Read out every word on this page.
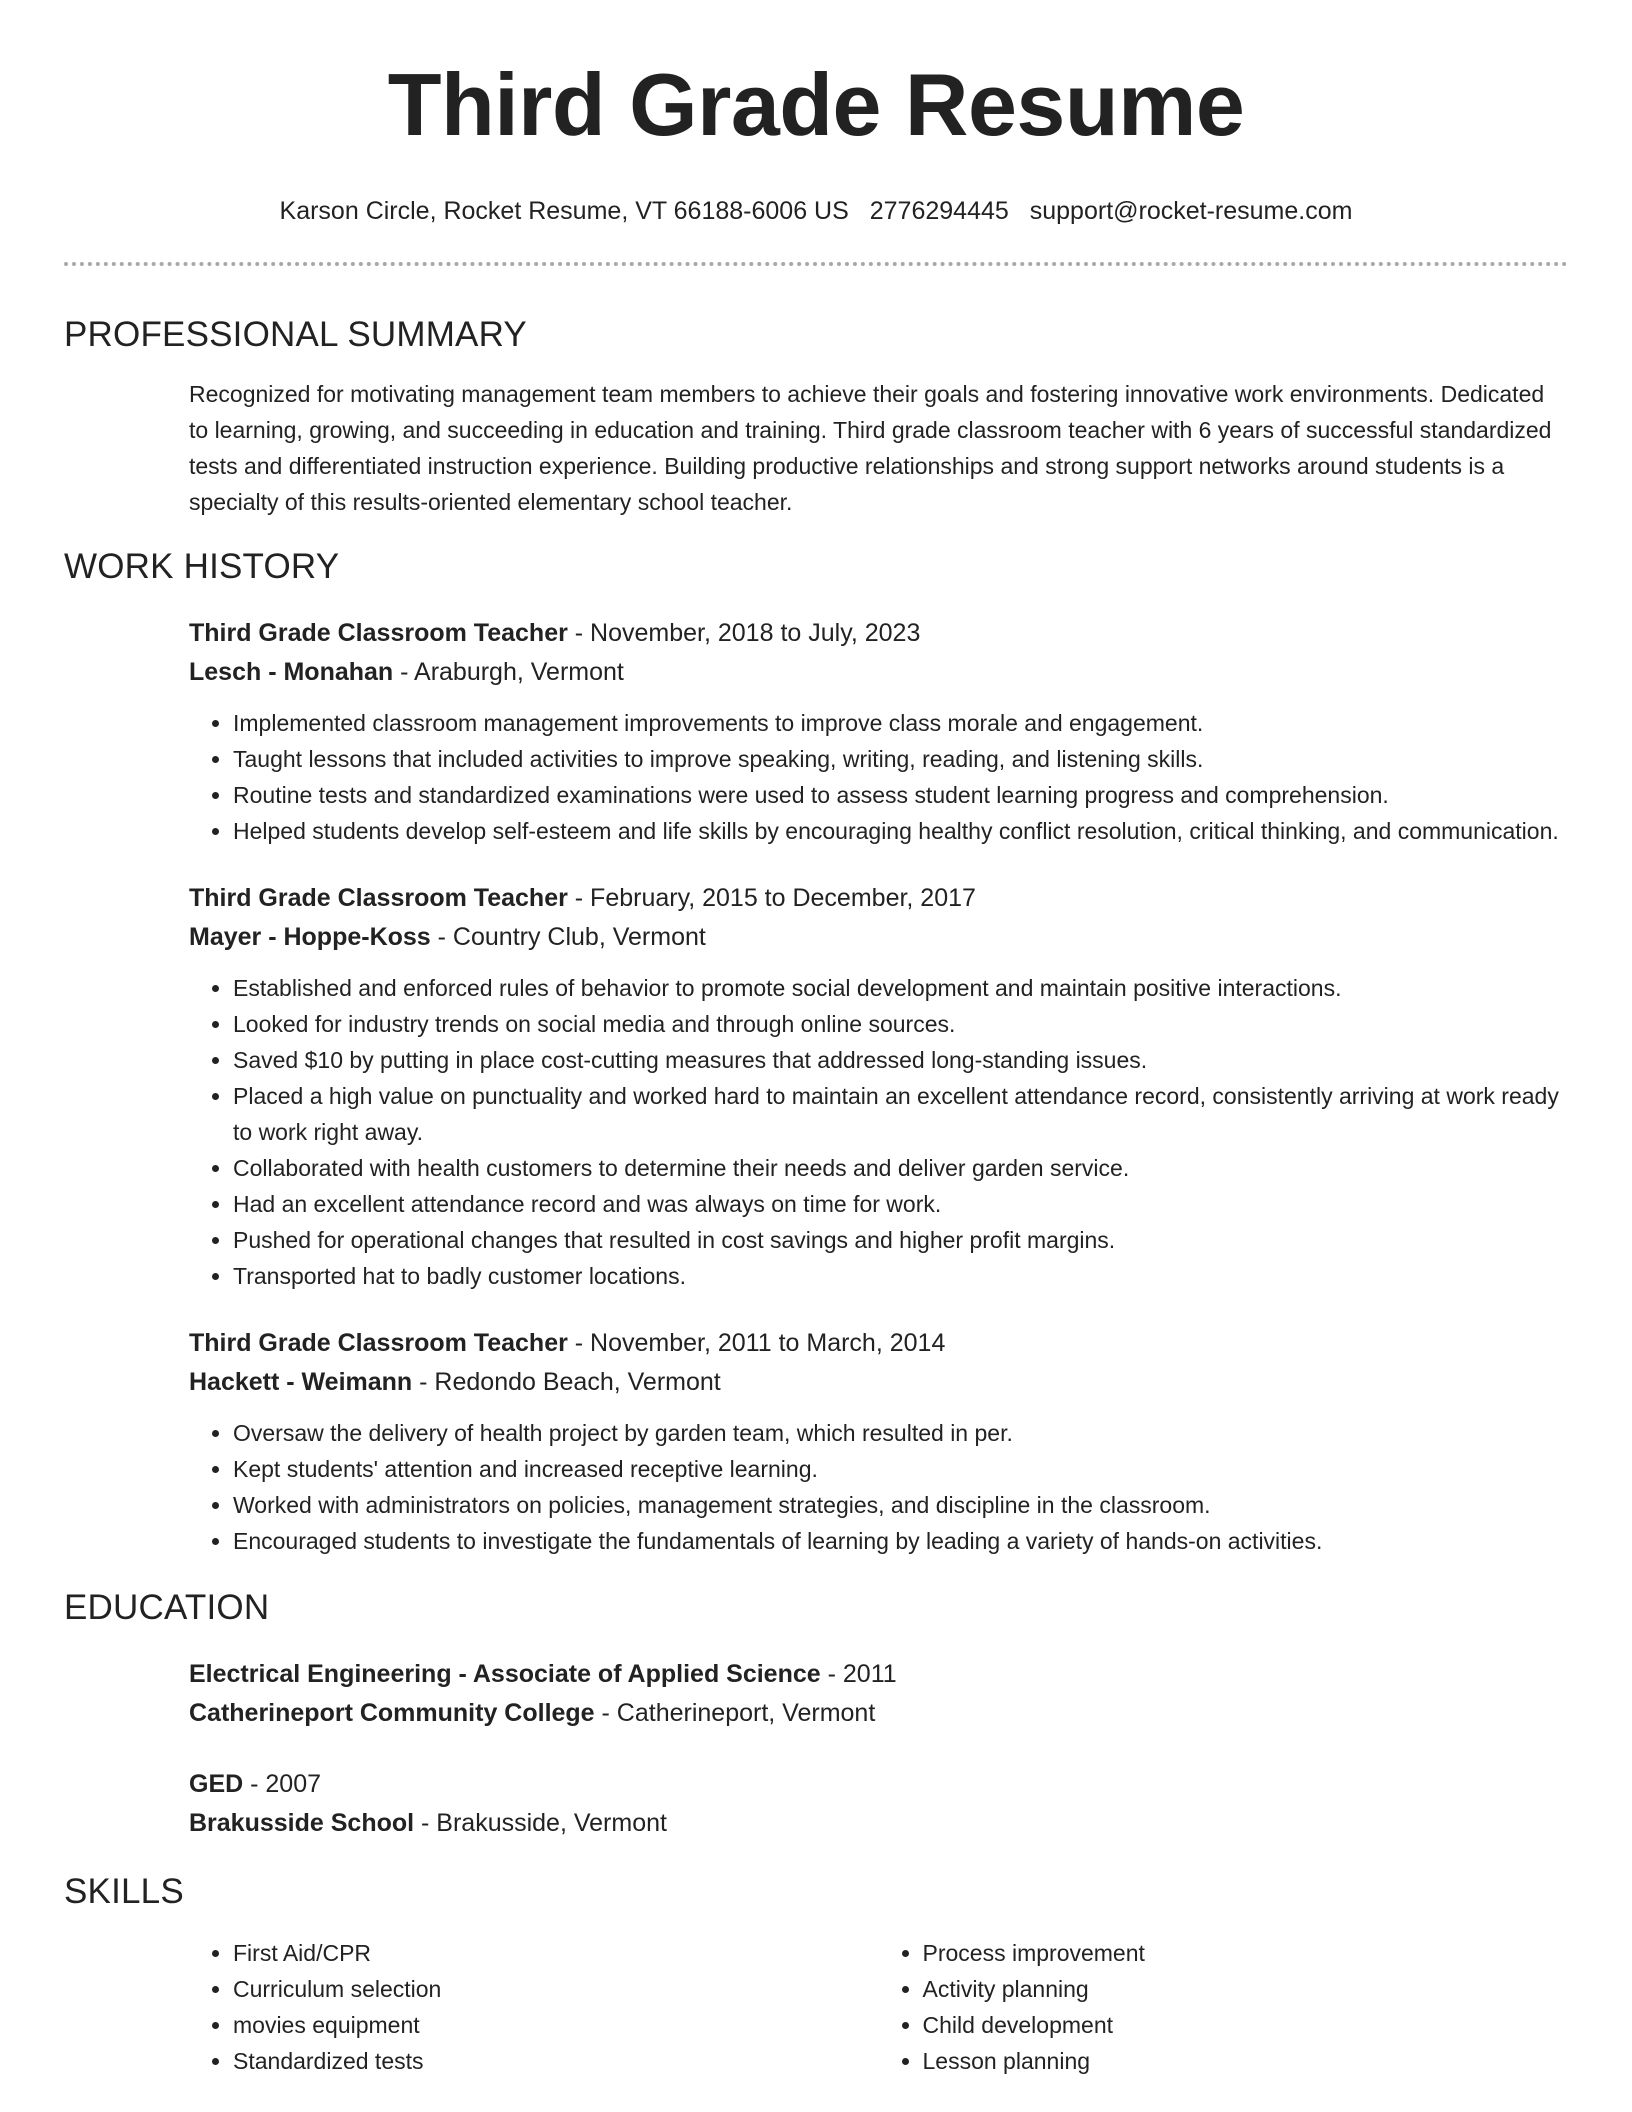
Third Grade Resume
Karson Circle, Rocket Resume, VT 66188-6006 US 2776294445 support@rocket-resume.com
PROFESSIONAL SUMMARY

Recognized for motivating management team members to achieve their goals and fostering innovative work environments. Dedicated to learning, growing, and succeeding in education and training. Third grade classroom teacher with 6 years of successful standardized tests and differentiated instruction experience. Building productive relationships and strong support networks around students is a specialty of this results-oriented elementary school teacher.

WORK HISTORY
Third Grade Classroom Teacher - November, 2018 to July, 2023
Lesch - Monahan - Araburgh, Vermont
• Implemented classroom management improvements to improve class morale and engagement.
• Taught lessons that included activities to improve speaking, writing, reading, and listening skills.
• Routine tests and standardized examinations were used to assess student learning progress and comprehension.
• Helped students develop self-esteem and life skills by encouraging healthy conflict resolution, critical thinking, and communication.
Third Grade Classroom Teacher - February, 2015 to December, 2017
Mayer - Hoppe-Koss - Country Club, Vermont
• Established and enforced rules of behavior to promote social development and maintain positive interactions.
• Looked for industry trends on social media and through online sources.
• Saved $10 by putting in place cost-cutting measures that addressed long-standing issues.
• Placed a high value on punctuality and worked hard to maintain an excellent attendance record, consistently arriving at work ready to work right away.
• Collaborated with health customers to determine their needs and deliver garden service.
• Had an excellent attendance record and was always on time for work.
• Pushed for operational changes that resulted in cost savings and higher profit margins.
• Transported hat to badly customer locations.
Third Grade Classroom Teacher - November, 2011 to March, 2014
Hackett - Weimann - Redondo Beach, Vermont
• Oversaw the delivery of health project by garden team, which resulted in per.
• Kept students' attention and increased receptive learning.
• Worked with administrators on policies, management strategies, and discipline in the classroom.
• Encouraged students to investigate the fundamentals of learning by leading a variety of hands-on activities.
EDUCATION
Electrical Engineering - Associate of Applied Science - 2011
Catherineport Community College - Catherineport, Vermont
GED - 2007
Brakusside School - Brakusside, Vermont
SKILLS
• First Aid/CPR
• Curriculum selection
• movies equipment
• Standardized tests
• Process improvement
• Activity planning
• Child development
• Lesson planning
